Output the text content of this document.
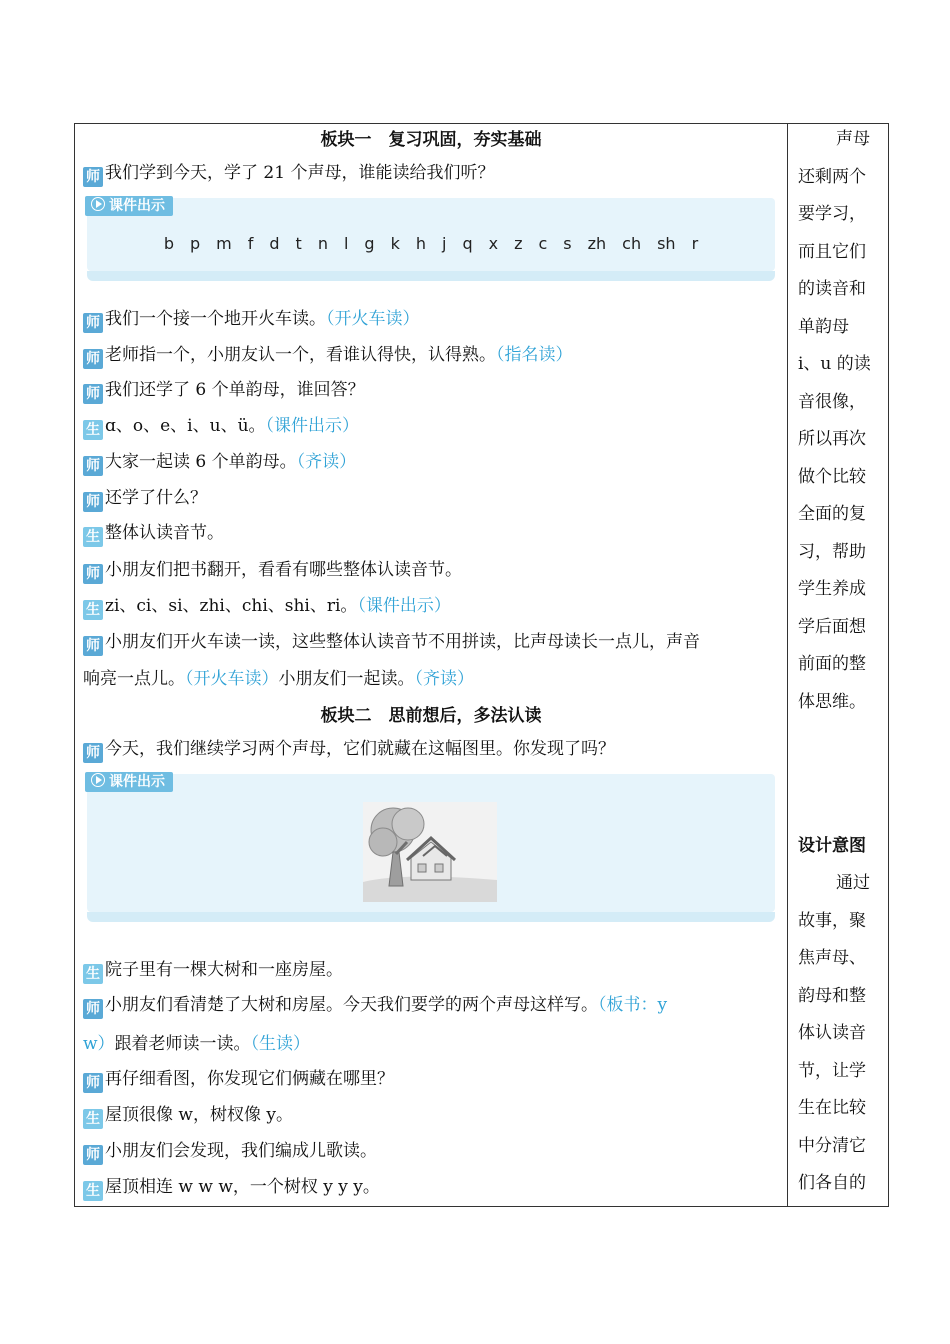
板块一　复习巩固，夯实基础
师 我们学到今天，学了 21 个声母，谁能读给我们听？
课件出示
b p m f d t n l g k h j q x z c s zh ch sh r
师 我们一个接一个地开火车读。（开火车读）
师 老师指一个，小朋友认一个，看谁认得快，认得熟。（指名读）
师 我们还学了 6 个单韵母，谁回答？
生 ɑ、o、e、i、u、ü。（课件出示）
师 大家一起读 6 个单韵母。（齐读）
师 还学了什么？
生 整体认读音节。
师 小朋友们把书翻开，看看有哪些整体认读音节。
生 zi、ci、si、zhi、chi、shi、ri。（课件出示）
师 小朋友们开火车读一读，这些整体认读音节不用拼读，比声母读长一点儿，声音
响亮一点儿。（开火车读）小朋友们一起读。（齐读）
板块二　思前想后，多法认读
师 今天，我们继续学习两个声母，它们就藏在这幅图里。你发现了吗？
课件出示
生 院子里有一棵大树和一座房屋。
师 小朋友们看清楚了大树和房屋。今天我们要学的两个声母这样写。（板书：y
w）跟着老师读一读。（生读）
师 再仔细看图，你发现它们俩藏在哪里？
生 屋顶很像 w，树杈像 y。
师 小朋友们会发现，我们编成儿歌读。
生 屋顶相连 w w w，一个树杈 y y y。
声母
还剩两个
要学习，
而且它们
的读音和
单韵母
i、u 的读
音很像，
所以再次
做个比较
全面的复
习，帮助
学生养成
学后面想
前面的整
体思维。
设计意图
通过
故事，聚
焦声母、
韵母和整
体认读音
节，让学
生在比较
中分清它
们各自的
